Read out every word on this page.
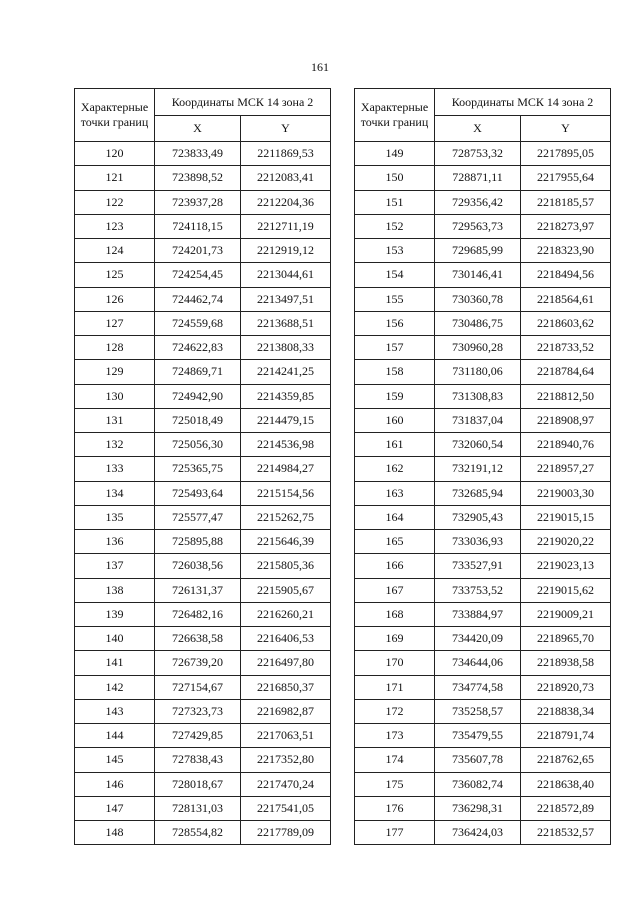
161
Характерные
точки границ	Координаты МСК 14 зона 2	
	X	Y
120	723833,49	2211869,53
121	723898,52	2212083,41
122	723937,28	2212204,36
123	724118,15	2212711,19
124	724201,73	2212919,12
125	724254,45	2213044,61
126	724462,74	2213497,51
127	724559,68	2213688,51
128	724622,83	2213808,33
129	724869,71	2214241,25
130	724942,90	2214359,85
131	725018,49	2214479,15
132	725056,30	2214536,98
133	725365,75	2214984,27
134	725493,64	2215154,56
135	725577,47	2215262,75
136	725895,88	2215646,39
137	726038,56	2215805,36
138	726131,37	2215905,67
139	726482,16	2216260,21
140	726638,58	2216406,53
141	726739,20	2216497,80
142	727154,67	2216850,37
143	727323,73	2216982,87
144	727429,85	2217063,51
145	727838,43	2217352,80
146	728018,67	2217470,24
147	728131,03	2217541,05
148	728554,82	2217789,09
Характерные
точки границ	Координаты МСК 14 зона 2	
	X	Y
149	728753,32	2217895,05
150	728871,11	2217955,64
151	729356,42	2218185,57
152	729563,73	2218273,97
153	729685,99	2218323,90
154	730146,41	2218494,56
155	730360,78	2218564,61
156	730486,75	2218603,62
157	730960,28	2218733,52
158	731180,06	2218784,64
159	731308,83	2218812,50
160	731837,04	2218908,97
161	732060,54	2218940,76
162	732191,12	2218957,27
163	732685,94	2219003,30
164	732905,43	2219015,15
165	733036,93	2219020,22
166	733527,91	2219023,13
167	733753,52	2219015,62
168	733884,97	2219009,21
169	734420,09	2218965,70
170	734644,06	2218938,58
171	734774,58	2218920,73
172	735258,57	2218838,34
173	735479,55	2218791,74
174	735607,78	2218762,65
175	736082,74	2218638,40
176	736298,31	2218572,89
177	736424,03	2218532,57
